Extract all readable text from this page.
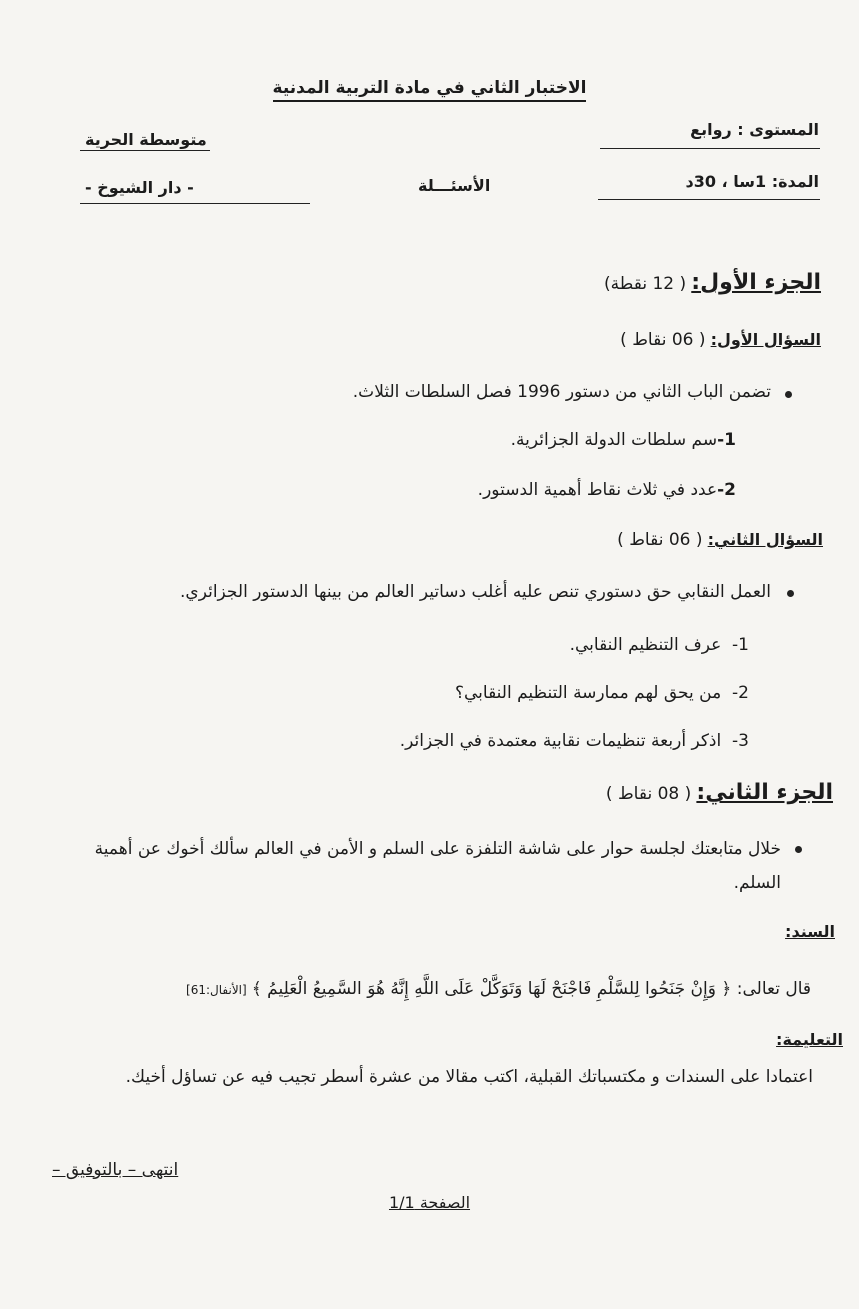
الاختبار الثاني في مادة التربية المدنية
المستوى : روابع
متوسطة الحرية
المدة: 1سا ، 30د
الأسئـــلة
- دار الشيوخ -
الجزء الأول: ( 12 نقطة)
السؤال الأول: ( 06 نقاط )
تضمن الباب الثاني من دستور 1996 فصل السلطات الثلاث.
1-سم سلطات الدولة الجزائرية.
2-عدد في ثلاث نقاط أهمية الدستور.
السؤال الثاني: ( 06 نقاط )
العمل النقابي حق دستوري تنص عليه أغلب دساتير العالم من بينها الدستور الجزائري.
1-  عرف التنظيم النقابي.
2-  من يحق لهم ممارسة التنظيم النقابي؟
3-  اذكر أربعة تنظيمات نقابية معتمدة في الجزائر.
الجزء الثاني: ( 08 نقاط )
خلال متابعتك لجلسة حوار على شاشة التلفزة على السلم و الأمن في العالم سألك أخوك عن أهمية السلم.
السند:
قال تعالى: ﴿ وَإِنْ جَنَحُوا لِلسَّلْمِ فَاجْنَحْ لَهَا وَتَوَكَّلْ عَلَى اللَّهِ إِنَّهُ هُوَ السَّمِيعُ الْعَلِيمُ ﴾ [الأنفال:61]
التعليمة:
اعتمادا على السندات و مكتسباتك القبلية، اكتب مقالا من عشرة أسطر تجيب فيه عن تساؤل أخيك.
انتهى – بالتوفيق –
الصفحة 1/1
